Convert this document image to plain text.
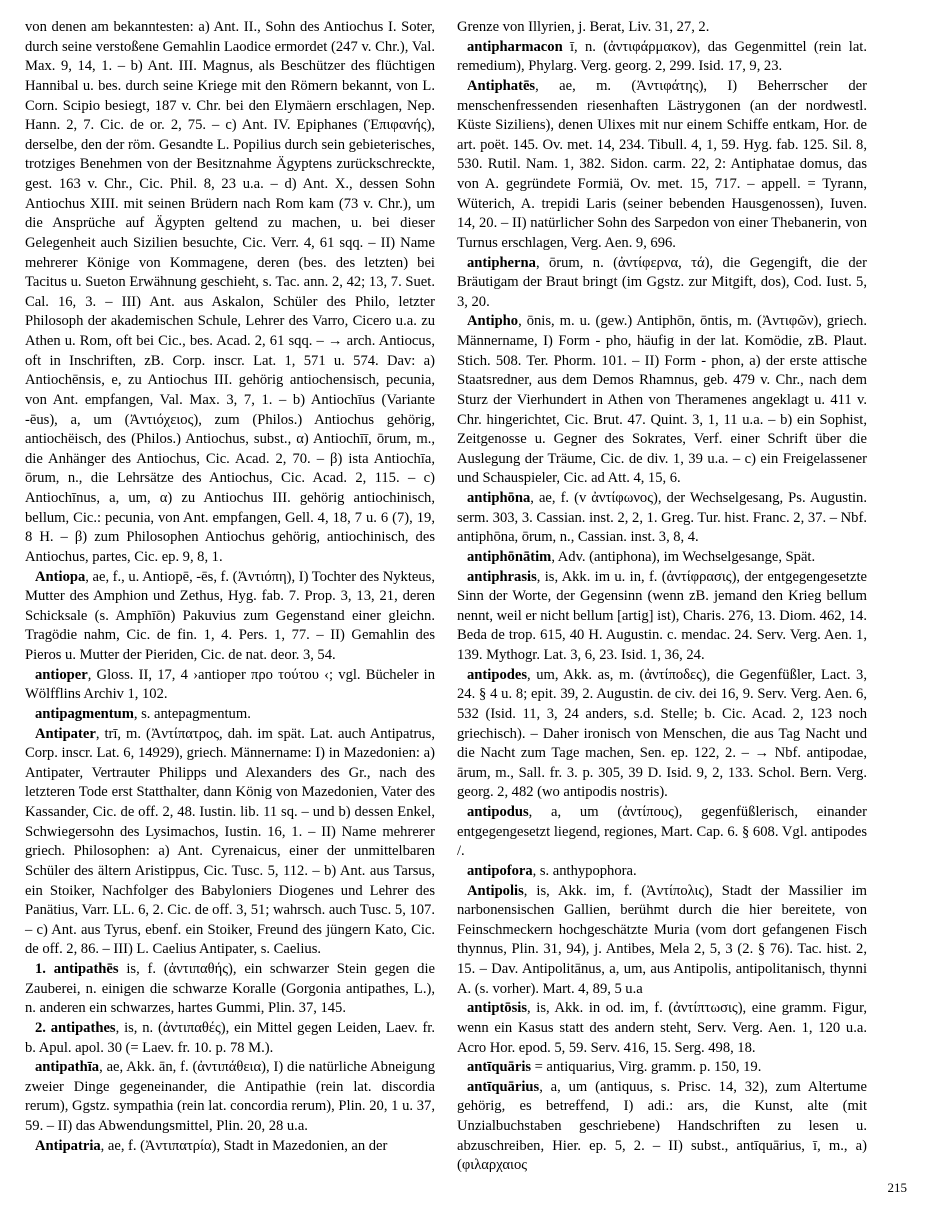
von denen am bekanntesten: a) Ant. II., Sohn des Antiochus I. Soter, durch seine verstoßene Gemahlin Laodice ermordet (247 v. Chr.), Val. Max. 9, 14, 1. – b) Ant. III. Magnus, als Beschützer des flüchtigen Hannibal u. bes. durch seine Kriege mit den Römern bekannt, von L. Corn. Scipio besiegt, 187 v. Chr. bei den Elymäern erschlagen, Nep. Hann. 2, 7. Cic. de or. 2, 75. – c) Ant. IV. Epiphanes (Ἐπιφανής), derselbe, den der röm. Gesandte L. Popilius durch sein gebieterisches, trotziges Benehmen von der Besitznahme Ägyptens zurückschreckte, gest. 163 v. Chr., Cic. Phil. 8, 23 u.a. – d) Ant. X., dessen Sohn Antiochus XIII. mit seinen Brüdern nach Rom kam (73 v. Chr.), um die Ansprüche auf Ägypten geltend zu machen, u. bei dieser Gelegenheit auch Sizilien besuchte, Cic. Verr. 4, 61 sqq. – II) Name mehrerer Könige von Kommagene, deren (bes. des letzten) bei Tacitus u. Sueton Erwähnung geschieht, s. Tac. ann. 2, 42; 13, 7. Suet. Cal. 16, 3. – III) Ant. aus Askalon, Schüler des Philo, letzter Philosoph der akademischen Schule, Lehrer des Varro, Cicero u.a. zu Athen u. Rom, oft bei Cic., bes. Acad. 2, 61 sqq. – → arch. Antiocus, oft in Inschriften, zB. Corp. inscr. Lat. 1, 571 u. 574. Dav: a) Antiochēnsis, e, zu Antiochus III. gehörig antiochensisch, pecunia, von Ant. empfangen, Val. Max. 3, 7, 1. – b) Antiochīus (Variante -ēus), a, um (Ἀντιόχειος), zum (Philos.) Antiochus gehörig, antiochëisch, des (Philos.) Antiochus, subst., α) Antiochīī, ōrum, m., die Anhänger des Antiochus, Cic. Acad. 2, 70. – β) ista Antiochīa, ōrum, n., die Lehrsätze des Antiochus, Cic. Acad. 2, 115. – c) Antiochīnus, a, um, α) zu Antiochus III. gehörig antiochinisch, bellum, Cic.: pecunia, von Ant. empfangen, Gell. 4, 18, 7 u. 6 (7), 19, 8 H. – β) zum Philosophen Antiochus gehörig, antiochinisch, des Antiochus, partes, Cic. ep. 9, 8, 1.

Antiopa, ae, f., u. Antiopē, -ēs, f. (Ἀντιόπη), I) Tochter des Nykteus, Mutter des Amphion und Zethus, Hyg. fab. 7. Prop. 3, 13, 21, deren Schicksale (s. Amphīōn) Pakuvius zum Gegenstand einer gleichn. Tragödie nahm, Cic. de fin. 1, 4. Pers. 1, 77. – II) Gemahlin des Pieros u. Mutter der Pieriden, Cic. de nat. deor. 3, 54.

antioper, Gloss. II, 17, 4 ›antioper προ τούτου ‹; vgl. Bücheler in Wölfflins Archiv 1, 102.

antipagmentum, s. antepagmentum.

Antipater, trī, m. (Ἀντίπατρος, dah. im spät. Lat. auch Antipatrus, Corp. inscr. Lat. 6, 14929), griech. Männername: I) in Mazedonien: a) Antipater, Vertrauter Philipps und Alexanders des Gr., nach des letzteren Tode erst Statthalter, dann König von Mazedonien, Vater des Kassander, Cic. de off. 2, 48. Iustin. lib. 11 sq. – und b) dessen Enkel, Schwiegersohn des Lysimachos, Iustin. 16, 1. – II) Name mehrerer griech. Philosophen: a) Ant. Cyrenaicus, einer der unmittelbaren Schüler des ältern Aristippus, Cic. Tusc. 5, 112. – b) Ant. aus Tarsus, ein Stoiker, Nachfolger des Babyloniers Diogenes und Lehrer des Panätius, Varr. LL. 6, 2. Cic. de off. 3, 51; wahrsch. auch Tusc. 5, 107. – c) Ant. aus Tyrus, ebenf. ein Stoiker, Freund des jüngern Kato, Cic. de off. 2, 86. – III) L. Caelius Antipater, s. Caelius.

1. antipathēs is, f. (ἀντιπαθής), ein schwarzer Stein gegen die Zauberei, n. einigen die schwarze Koralle (Gorgonia antipathes, L.), n. anderen ein schwarzes, hartes Gummi, Plin. 37, 145.

2. antipathes, is, n. (ἀντιπαθές), ein Mittel gegen Leiden, Laev. fr. b. Apul. apol. 30 (= Laev. fr. 10. p. 78 M.).

antipathīa, ae, Akk. ān, f. (ἀντιπάθεια), I) die natürliche Abneigung zweier Dinge gegeneinander, die Antipathie (rein lat. discordia rerum), Ggstz. sympathia (rein lat. concordia rerum), Plin. 20, 1 u. 37, 59. – II) das Abwendungsmittel, Plin. 20, 28 u.a.

Antipatria, ae, f. (Ἀντιπατρία), Stadt in Mazedonien, an der

Grenze von Illyrien, j. Berat, Liv. 31, 27, 2.

antipharmacon ī, n. (ἀντιφάρμακον), das Gegenmittel (rein lat. remedium), Phylarg. Verg. georg. 2, 299. Isid. 17, 9, 23.

Antiphatēs, ae, m. (Ἀντιφάτης), I) Beherrscher der menschenfressenden riesenhaften Lästrygonen (an der nordwestl. Küste Siziliens), denen Ulixes mit nur einem Schiffe entkam, Hor. de art. poët. 145. Ov. met. 14, 234. Tibull. 4, 1, 59. Hyg. fab. 125. Sil. 8, 530. Rutil. Nam. 1, 382. Sidon. carm. 22, 2: Antiphatae domus, das von A. gegründete Formiä, Ov. met. 15, 717. – appell. = Tyrann, Wüterich, A. trepidi Laris (seiner bebenden Hausgenossen), Iuven. 14, 20. – II) natürlicher Sohn des Sarpedon von einer Thebanerin, von Turnus erschlagen, Verg. Aen. 9, 696.

antipherna, ōrum, n. (ἀντίφερνα, τά), die Gegengift, die der Bräutigam der Braut bringt (im Ggstz. zur Mitgift, dos), Cod. Iust. 5, 3, 20.

Antipho, ōnis, m. u. (gew.) Antiphōn, ōntis, m. (Ἀντιφῶν), griech. Männername, I) Form - pho, häufig in der lat. Komödie, zB. Plaut. Stich. 508. Ter. Phorm. 101. – II) Form - phon, a) der erste attische Staatsredner, aus dem Demos Rhamnus, geb. 479 v. Chr., nach dem Sturz der Vierhundert in Athen von Theramenes angeklagt u. 411 v. Chr. hingerichtet, Cic. Brut. 47. Quint. 3, 1, 11 u.a. – b) ein Sophist, Zeitgenosse u. Gegner des Sokrates, Verf. einer Schrift über die Auslegung der Träume, Cic. de div. 1, 39 u.a. – c) ein Freigelassener und Schauspieler, Cic. ad Att. 4, 15, 6.

antiphōna, ae, f. (v ἀντίφωνος), der Wechselgesang, Ps. Augustin. serm. 303, 3. Cassian. inst. 2, 2, 1. Greg. Tur. hist. Franc. 2, 37. – Nbf. antiphōna, ōrum, n., Cassian. inst. 3, 8, 4.

antiphōnātim, Adv. (antiphona), im Wechselgesange, Spät.

antiphrasis, is, Akk. im u. in, f. (ἀντίφρασις), der entgegengesetzte Sinn der Worte, der Gegensinn (wenn zB. jemand den Krieg bellum nennt, weil er nicht bellum [artig] ist), Charis. 276, 13. Diom. 462, 14. Beda de trop. 615, 40 H. Augustin. c. mendac. 24. Serv. Verg. Aen. 1, 139. Mythogr. Lat. 3, 6, 23. Isid. 1, 36, 24.

antipodes, um, Akk. as, m. (ἀντίποδες), die Gegenfüßler, Lact. 3, 24. § 4 u. 8; epit. 39, 2. Augustin. de civ. dei 16, 9. Serv. Verg. Aen. 6, 532 (Isid. 11, 3, 24 anders, s.d. Stelle; b. Cic. Acad. 2, 123 noch griechisch). – Daher ironisch von Menschen, die aus Tag Nacht und die Nacht zum Tage machen, Sen. ep. 122, 2. – → Nbf. antipodae, ārum, m., Sall. fr. 3. p. 305, 39 D. Isid. 9, 2, 133. Schol. Bern. Verg. georg. 2, 482 (wo antipodis nostris).

antipodus, a, um (ἀντίπους), gegenfüßlerisch, einander entgegengesetzt liegend, regiones, Mart. Cap. 6. § 608. Vgl. antipodes /.

antipofora, s. anthypophora.

Antipolis, is, Akk. im, f. (Ἀντίπολις), Stadt der Massilier im narbonensischen Gallien, berühmt durch die hier bereitete, von Feinschmeckern hochgeschätzte Muria (vom dort gefangenen Fisch thynnus, Plin. 31, 94), j. Antibes, Mela 2, 5, 3 (2. § 76). Tac. hist. 2, 15. – Dav. Antipolitānus, a, um, aus Antipolis, antipolitanisch, thynni A. (s. vorher). Mart. 4, 89, 5 u.a

antiptōsis, is, Akk. in od. im, f. (ἀντίπτωσις), eine gramm. Figur, wenn ein Kasus statt des andern steht, Serv. Verg. Aen. 1, 120 u.a. Acro Hor. epod. 5, 59. Serv. 416, 15. Serg. 498, 18.

antīquāris = antiquarius, Virg. gramm. p. 150, 19.

antīquārius, a, um (antiquus, s. Prisc. 14, 32), zum Altertume gehörig, es betreffend, I) adi.: ars, die Kunst, alte (mit Unzialbuchstaben geschriebene) Handschriften zu lesen u. abzuschreiben, Hier. ep. 5, 2. – II) subst., antīquārius, ī, m., a) (φιλαρχαιος

215
